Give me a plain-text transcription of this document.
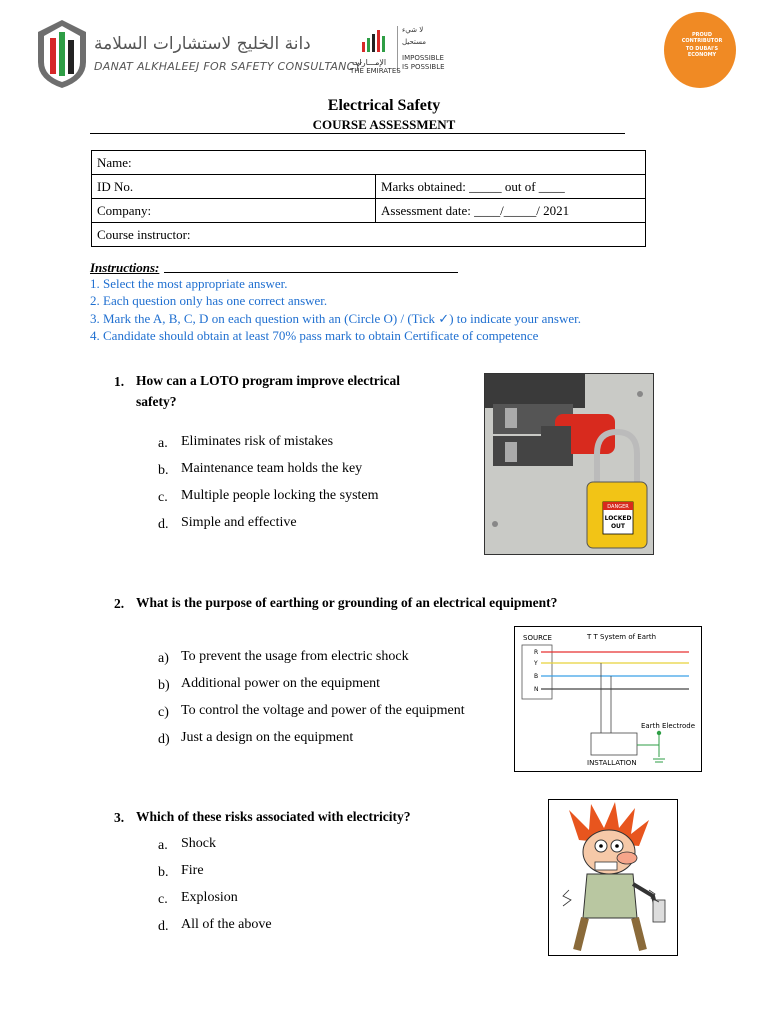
دانة الخليج لاستشارات السلامة
DANAT ALKHALEEJ FOR SAFETY CONSULTANCY
لا شيء
مستحيل
IMPOSSIBLE
IS POSSIBLE
الإمـــارات
THE EMIRATES
PROUD CONTRIBUTOR
TO DUBAI'S ECONOMY
Electrical Safety
COURSE ASSESSMENT
Name:	
ID No.	Marks obtained: _____ out of ____
Company:	Assessment date: ____/_____/ 2021
Course instructor:	
Instructions:
1. Select the most appropriate answer.
2. Each question only has one correct answer.
3. Mark the A, B, C, D on each question with an (Circle O) / (Tick ✓) to indicate your answer.
4. Candidate should obtain at least 70% pass mark to obtain Certificate of competence
1. How can a LOTO program improve electrical
safety?
a. Eliminates risk of mistakes
b. Maintenance team holds the key
c. Multiple people locking the system
d. Simple and effective
DANGER
LOCKED
OUT
2. What is the purpose of earthing or grounding of an electrical equipment?
a) To prevent the usage from electric shock
b) Additional power on the equipment
c) To control the voltage and power of the equipment
d) Just a design on the equipment
SOURCE	T T System of Earth
R
Y
B
N
Earth Electrode
INSTALLATION
3. Which of these risks associated with electricity?
a. Shock
b. Fire
c. Explosion
d. All of the above
